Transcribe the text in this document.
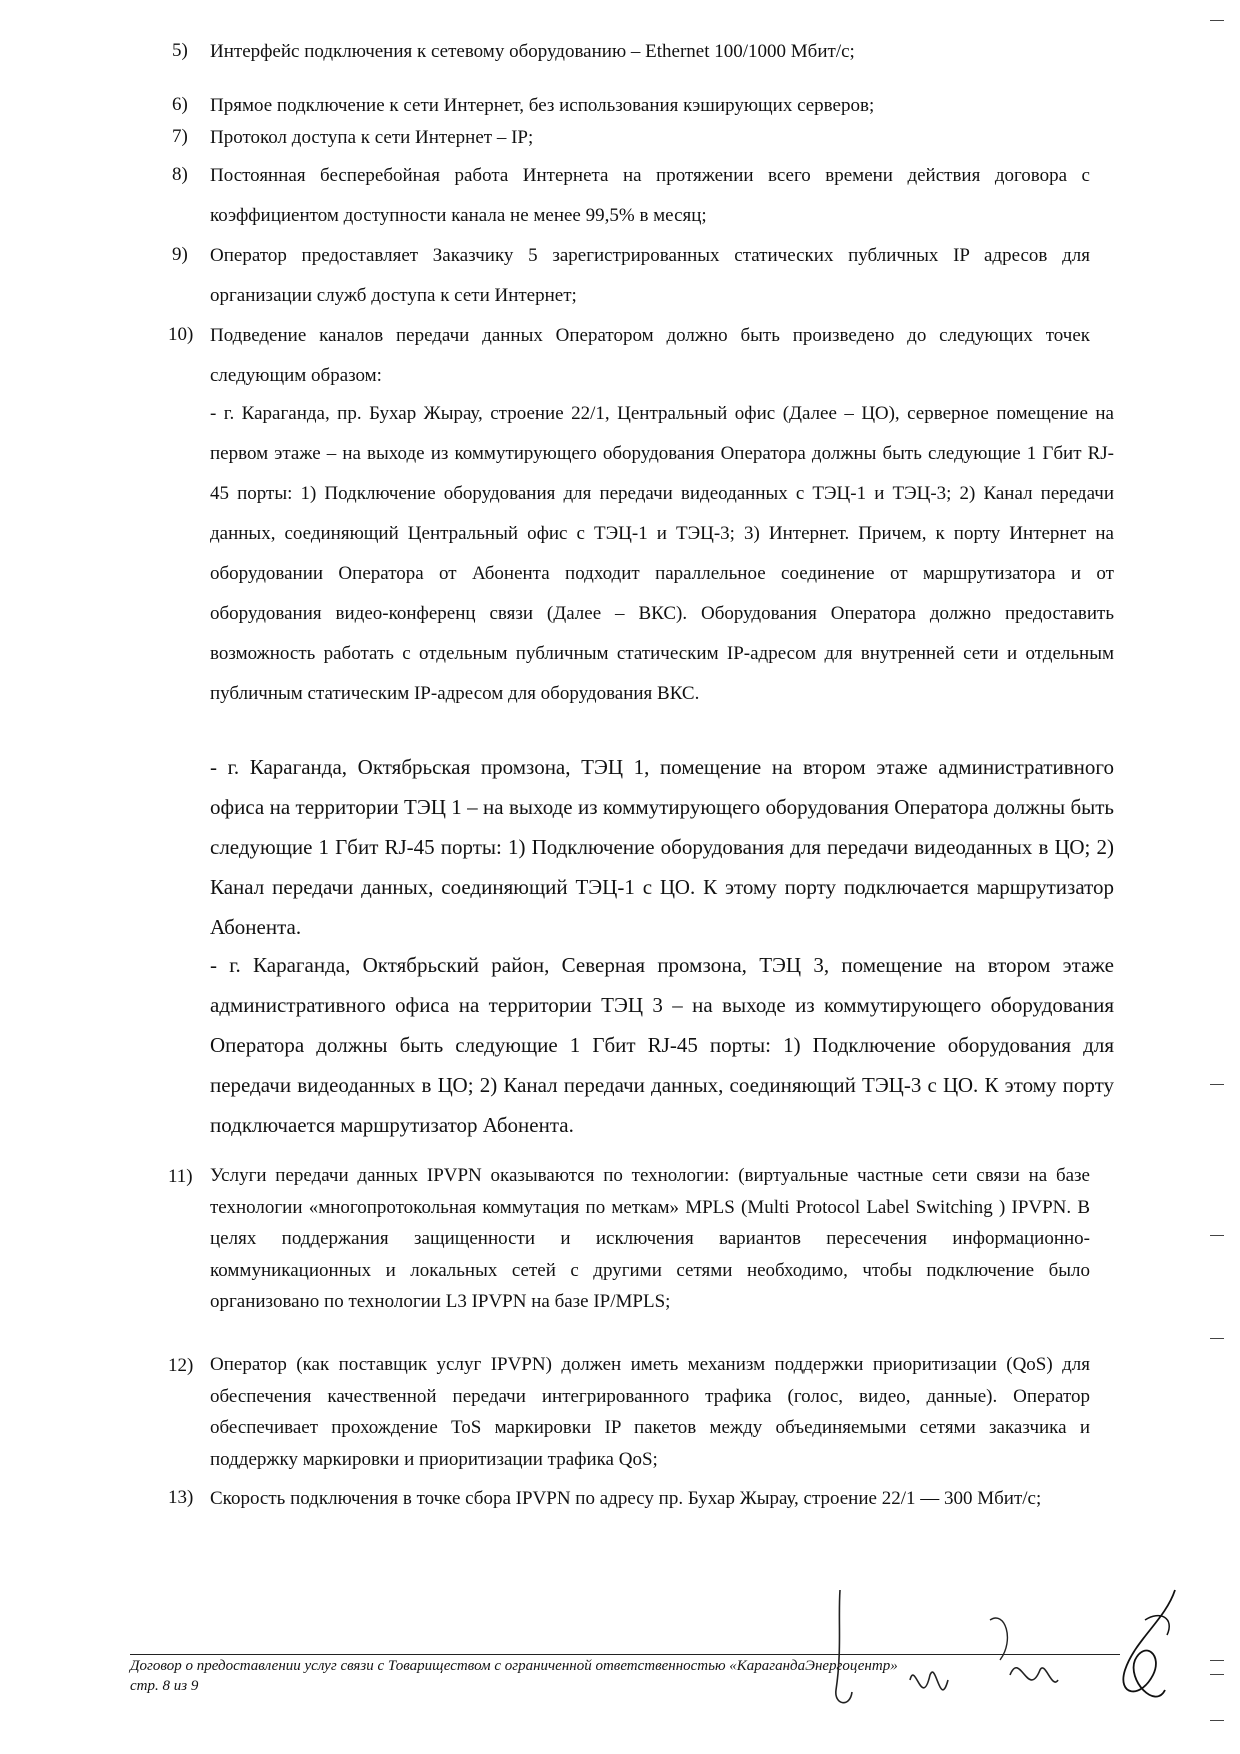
5) Интерфейс подключения к сетевому оборудованию – Ethernet 100/1000 Мбит/с;
6) Прямое подключение к сети Интернет, без использования кэширующих серверов;
7) Протокол доступа к сети Интернет – IP;
8) Постоянная бесперебойная работа Интернета на протяжении всего времени действия договора с коэффициентом доступности канала не менее 99,5% в месяц;
9) Оператор предоставляет Заказчику 5 зарегистрированных статических публичных IP адресов для организации служб доступа к сети Интернет;
10) Подведение каналов передачи данных Оператором должно быть произведено до следующих точек следующим образом:
- г. Караганда, пр. Бухар Жырау, строение 22/1, Центральный офис (Далее – ЦО), серверное помещение на первом этаже – на выходе из коммутирующего оборудования Оператора должны быть следующие 1 Гбит RJ-45 порты: 1) Подключение оборудования для передачи видеоданных с ТЭЦ-1 и ТЭЦ-3; 2) Канал передачи данных, соединяющий Центральный офис с ТЭЦ-1 и ТЭЦ-3; 3) Интернет. Причем, к порту Интернет на оборудовании Оператора от Абонента подходит параллельное соединение от маршрутизатора и от оборудования видео-конференц связи (Далее – ВКС). Оборудования Оператора должно предоставить возможность работать с отдельным публичным статическим IP-адресом для внутренней сети и отдельным публичным статическим IP-адресом для оборудования ВКС.
- г. Караганда, Октябрьская промзона, ТЭЦ 1, помещение на втором этаже административного офиса на территории ТЭЦ 1 – на выходе из коммутирующего оборудования Оператора должны быть следующие 1 Гбит RJ-45 порты: 1) Подключение оборудования для передачи видеоданных в ЦО; 2) Канал передачи данных, соединяющий ТЭЦ-1 с ЦО. К этому порту подключается маршрутизатор Абонента.
- г. Караганда, Октябрьский район, Северная промзона, ТЭЦ 3, помещение на втором этаже административного офиса на территории ТЭЦ 3 – на выходе из коммутирующего оборудования Оператора должны быть следующие 1 Гбит RJ-45 порты: 1) Подключение оборудования для передачи видеоданных в ЦО; 2) Канал передачи данных, соединяющий ТЭЦ-3 с ЦО. К этому порту подключается маршрутизатор Абонента.
11) Услуги передачи данных IPVPN оказываются по технологии: (виртуальные частные сети связи на базе технологии «многопротокольная коммутация по меткам» MPLS (Multi Protocol Label Switching ) IPVPN. В целях поддержания защищенности и исключения вариантов пересечения информационно-коммуникационных и локальных сетей с другими сетями необходимо, чтобы подключение было организовано по технологии L3 IPVPN на базе IP/MPLS;
12) Оператор (как поставщик услуг IPVPN) должен иметь механизм поддержки приоритизации (QoS) для обеспечения качественной передачи интегрированного трафика (голос, видео, данные). Оператор обеспечивает прохождение ToS маркировки IP пакетов между объединяемыми сетями заказчика и поддержку маркировки и приоритизации трафика QoS;
13) Скорость подключения в точке сбора IPVPN по адресу пр. Бухар Жырау, строение 22/1 — 300 Мбит/с;
Договор о предоставлении услуг связи с Товариществом с ограниченной ответственностью «КарагандаЭнергоцентр»
стр. 8 из 9
